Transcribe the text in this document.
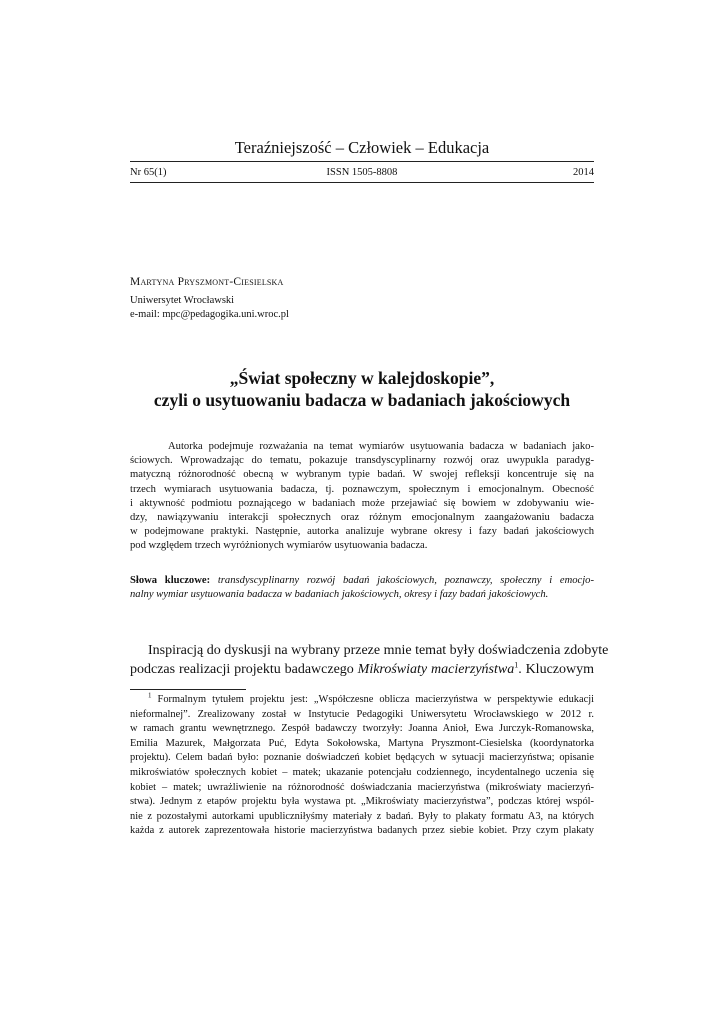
Teraźniejszość – Człowiek – Edukacja
Nr 65(1)	ISSN 1505-8808	2014
Martyna Pryszmont-Ciesielska
Uniwersytet Wrocławski
e-mail: mpc@pedagogika.uni.wroc.pl
„Świat społeczny w kalejdoskopie”,
czyli o usytuowaniu badacza w badaniach jakościowych
Autorka podejmuje rozważania na temat wymiarów usytuowania badacza w badaniach jako-
ściowych. Wprowadzając do tematu, pokazuje transdyscyplinarny rozwój oraz uwypukla paradyg-
matyczną różnorodność obecną w wybranym typie badań. W swojej refleksji koncentruje się na
trzech wymiarach usytuowania badacza, tj. poznawczym, społecznym i emocjonalnym. Obecność
i aktywność podmiotu poznającego w badaniach może przejawiać się bowiem w zdobywaniu wie-
dzy, nawiązywaniu interakcji społecznych oraz różnym emocjonalnym zaangażowaniu badacza
w podejmowane praktyki. Następnie, autorka analizuje wybrane okresy i fazy badań jakościowych
pod względem trzech wyróżnionych wymiarów usytuowania badacza.
Słowa kluczowe: transdyscyplinarny rozwój badań jakościowych, poznawczy, społeczny i emocjo-
nalny wymiar usytuowania badacza w badaniach jakościowych, okresy i fazy badań jakościowych.
Inspiracją do dyskusji na wybrany przeze mnie temat były doświadczenia zdobyte
podczas realizacji projektu badawczego Mikroświaty macierzyństwa$^1$. Kluczowym
$^1$ Formalnym tytułem projektu jest: „Współczesne oblicza macierzyństwa w perspektywie edukacji
nieformalnej”. Zrealizowany został w Instytucie Pedagogiki Uniwersytetu Wrocławskiego w 2012 r.
w ramach grantu wewnętrznego. Zespół badawczy tworzyły: Joanna Anioł, Ewa Jurczyk-Romanowska,
Emilia Mazurek, Małgorzata Puć, Edyta Sokołowska, Martyna Pryszmont-Ciesielska (koordynatorka
projektu). Celem badań było: poznanie doświadczeń kobiet będących w sytuacji macierzyństwa; opisanie
mikroświatów społecznych kobiet – matek; ukazanie potencjału codziennego, incydentalnego uczenia się
kobiet – matek; uwrażliwienie na różnorodność doświadczania macierzyństwa (mikroświaty macierzyń-
stwa). Jednym z etapów projektu była wystawa pt. „Mikroświaty macierzyństwa”, podczas której wspól-
nie z pozostałymi autorkami upubliczniłyśmy materiały z badań. Były to plakaty formatu A3, na których
każda z autorek zaprezentowała historie macierzyństwa badanych przez siebie kobiet. Przy czym plakaty
